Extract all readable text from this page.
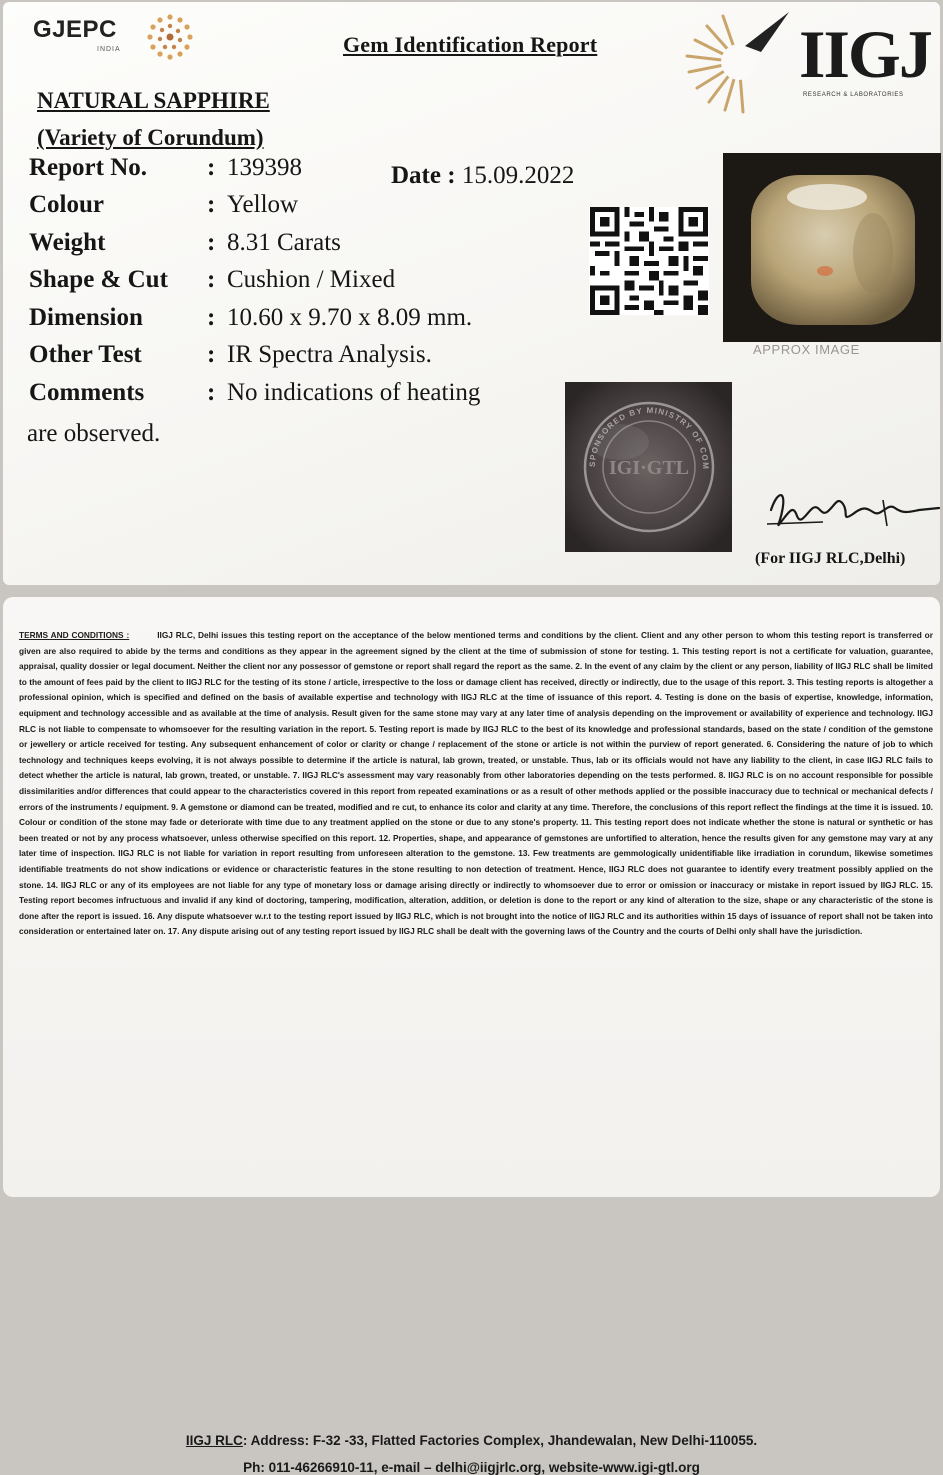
GJEPC
INDIA	Gem Identification Report	IIGJ
RESEARCH & LABORATORIES
NATURAL SAPPHIRE
(Variety of Corundum)
Report No. : 139398
Colour	: Yellow
Weight	: 8.31 Carats
Shape & Cut : Cushion / Mixed
Dimension	: 10.60 x 9.70 x 8.09 mm.
Other Test	: IR Spectra Analysis.
Comments	: No indications of heating
are observed.
Date : 15.09.2022
APPROX IMAGE
SPONSORED BY MINISTRY OF COM
IGI·GTL
(For IIGJ RLC,Delhi)

TERMS AND CONDITIONS :	IIGJ RLC, Delhi issues this testing report on the acceptance of the below mentioned terms and conditions by the client. Client and any other person to whom this testing report is transferred or given are also required to abide by the terms and conditions as they appear in the agreement signed by the client at the time of submission of stone for testing. 1. This testing report is not a certificate for valuation, guarantee, appraisal, quality dossier or legal document. Neither the client nor any possessor of gemstone or report shall regard the report as the same. 2. In the event of any claim by the client or any person, liability of IIGJ RLC shall be limited to the amount of fees paid by the client to IIGJ RLC for the testing of its stone / article, irrespective to the loss or damage client has received, directly or indirectly, due to the usage of this report. 3. This testing reports is altogether a professional opinion, which is specified and defined on the basis of available expertise and technology with IIGJ RLC at the time of issuance of this report. 4. Testing is done on the basis of expertise, knowledge, information, equipment and technology accessible and as available at the time of analysis. Result given for the same stone may vary at any later time of analysis depending on the improvement or availability of experience and technology. IIGJ RLC is not liable to compensate to whomsoever for the resulting variation in the report. 5. Testing report is made by IIGJ RLC to the best of its knowledge and professional standards, based on the state / condition of the gemstone or jewellery or article received for testing. Any subsequent enhancement of color or clarity or change / replacement of the stone or article is not within the purview of report generated. 6. Considering the nature of job to which technology and techniques keeps evolving, it is not always possible to determine if the article is natural, lab grown, treated, or unstable. Thus, lab or its officials would not have any liability to the client, in case IIGJ RLC fails to detect whether the article is natural, lab grown, treated, or unstable. 7. IIGJ RLC's assessment may vary reasonably from other laboratories depending on the tests performed. 8. IIGJ RLC is on no account responsible for possible dissimilarities and/or differences that could appear to the characteristics covered in this report from repeated examinations or as a result of other methods applied or the possible inaccuracy due to technical or mechanical defects / errors of the instruments / equipment. 9. A gemstone or diamond can be treated, modified and re cut, to enhance its color and clarity at any time. Therefore, the conclusions of this report reflect the findings at the time it is issued. 10. Colour or condition of the stone may fade or deteriorate with time due to any treatment applied on the stone or due to any stone's property. 11. This testing report does not indicate whether the stone is natural or synthetic or has been treated or not by any process whatsoever, unless otherwise specified on this report. 12. Properties, shape, and appearance of gemstones are unfortified to alteration, hence the results given for any gemstone may vary at any later time of inspection. IIGJ RLC is not liable for variation in report resulting from unforeseen alteration to the gemstone. 13. Few treatments are gemmologically unidentifiable like irradiation in corundum, likewise sometimes identifiable treatments do not show indications or evidence or characteristic features in the stone resulting to non detection of treatment. Hence, IIGJ RLC does not guarantee to identify every treatment possibly applied on the stone. 14. IIGJ RLC or any of its employees are not liable for any type of monetary loss or damage arising directly or indirectly to whomsoever due to error or omission or inaccuracy or mistake in report issued by IIGJ RLC. 15. Testing report becomes infructuous and invalid if any kind of doctoring, tampering, modification, alteration, addition, or deletion is done to the report or any kind of alteration to the size, shape or any characteristic of the stone is done after the report is issued. 16. Any dispute whatsoever w.r.t to the testing report issued by IIGJ RLC, which is not brought into the notice of IIGJ RLC and its authorities within 15 days of issuance of report shall not be taken into consideration or entertained later on. 17. Any dispute arising out of any testing report issued by IIGJ RLC shall be dealt with the governing laws of the Country and the courts of Delhi only shall have the jurisdiction.

IIGJ RLC: Address: F-32 -33, Flatted Factories Complex, Jhandewalan, New Delhi-110055.
Ph: 011-46266910-11, e-mail – delhi@iigjrlc.org, website-www.igi-gtl.org
